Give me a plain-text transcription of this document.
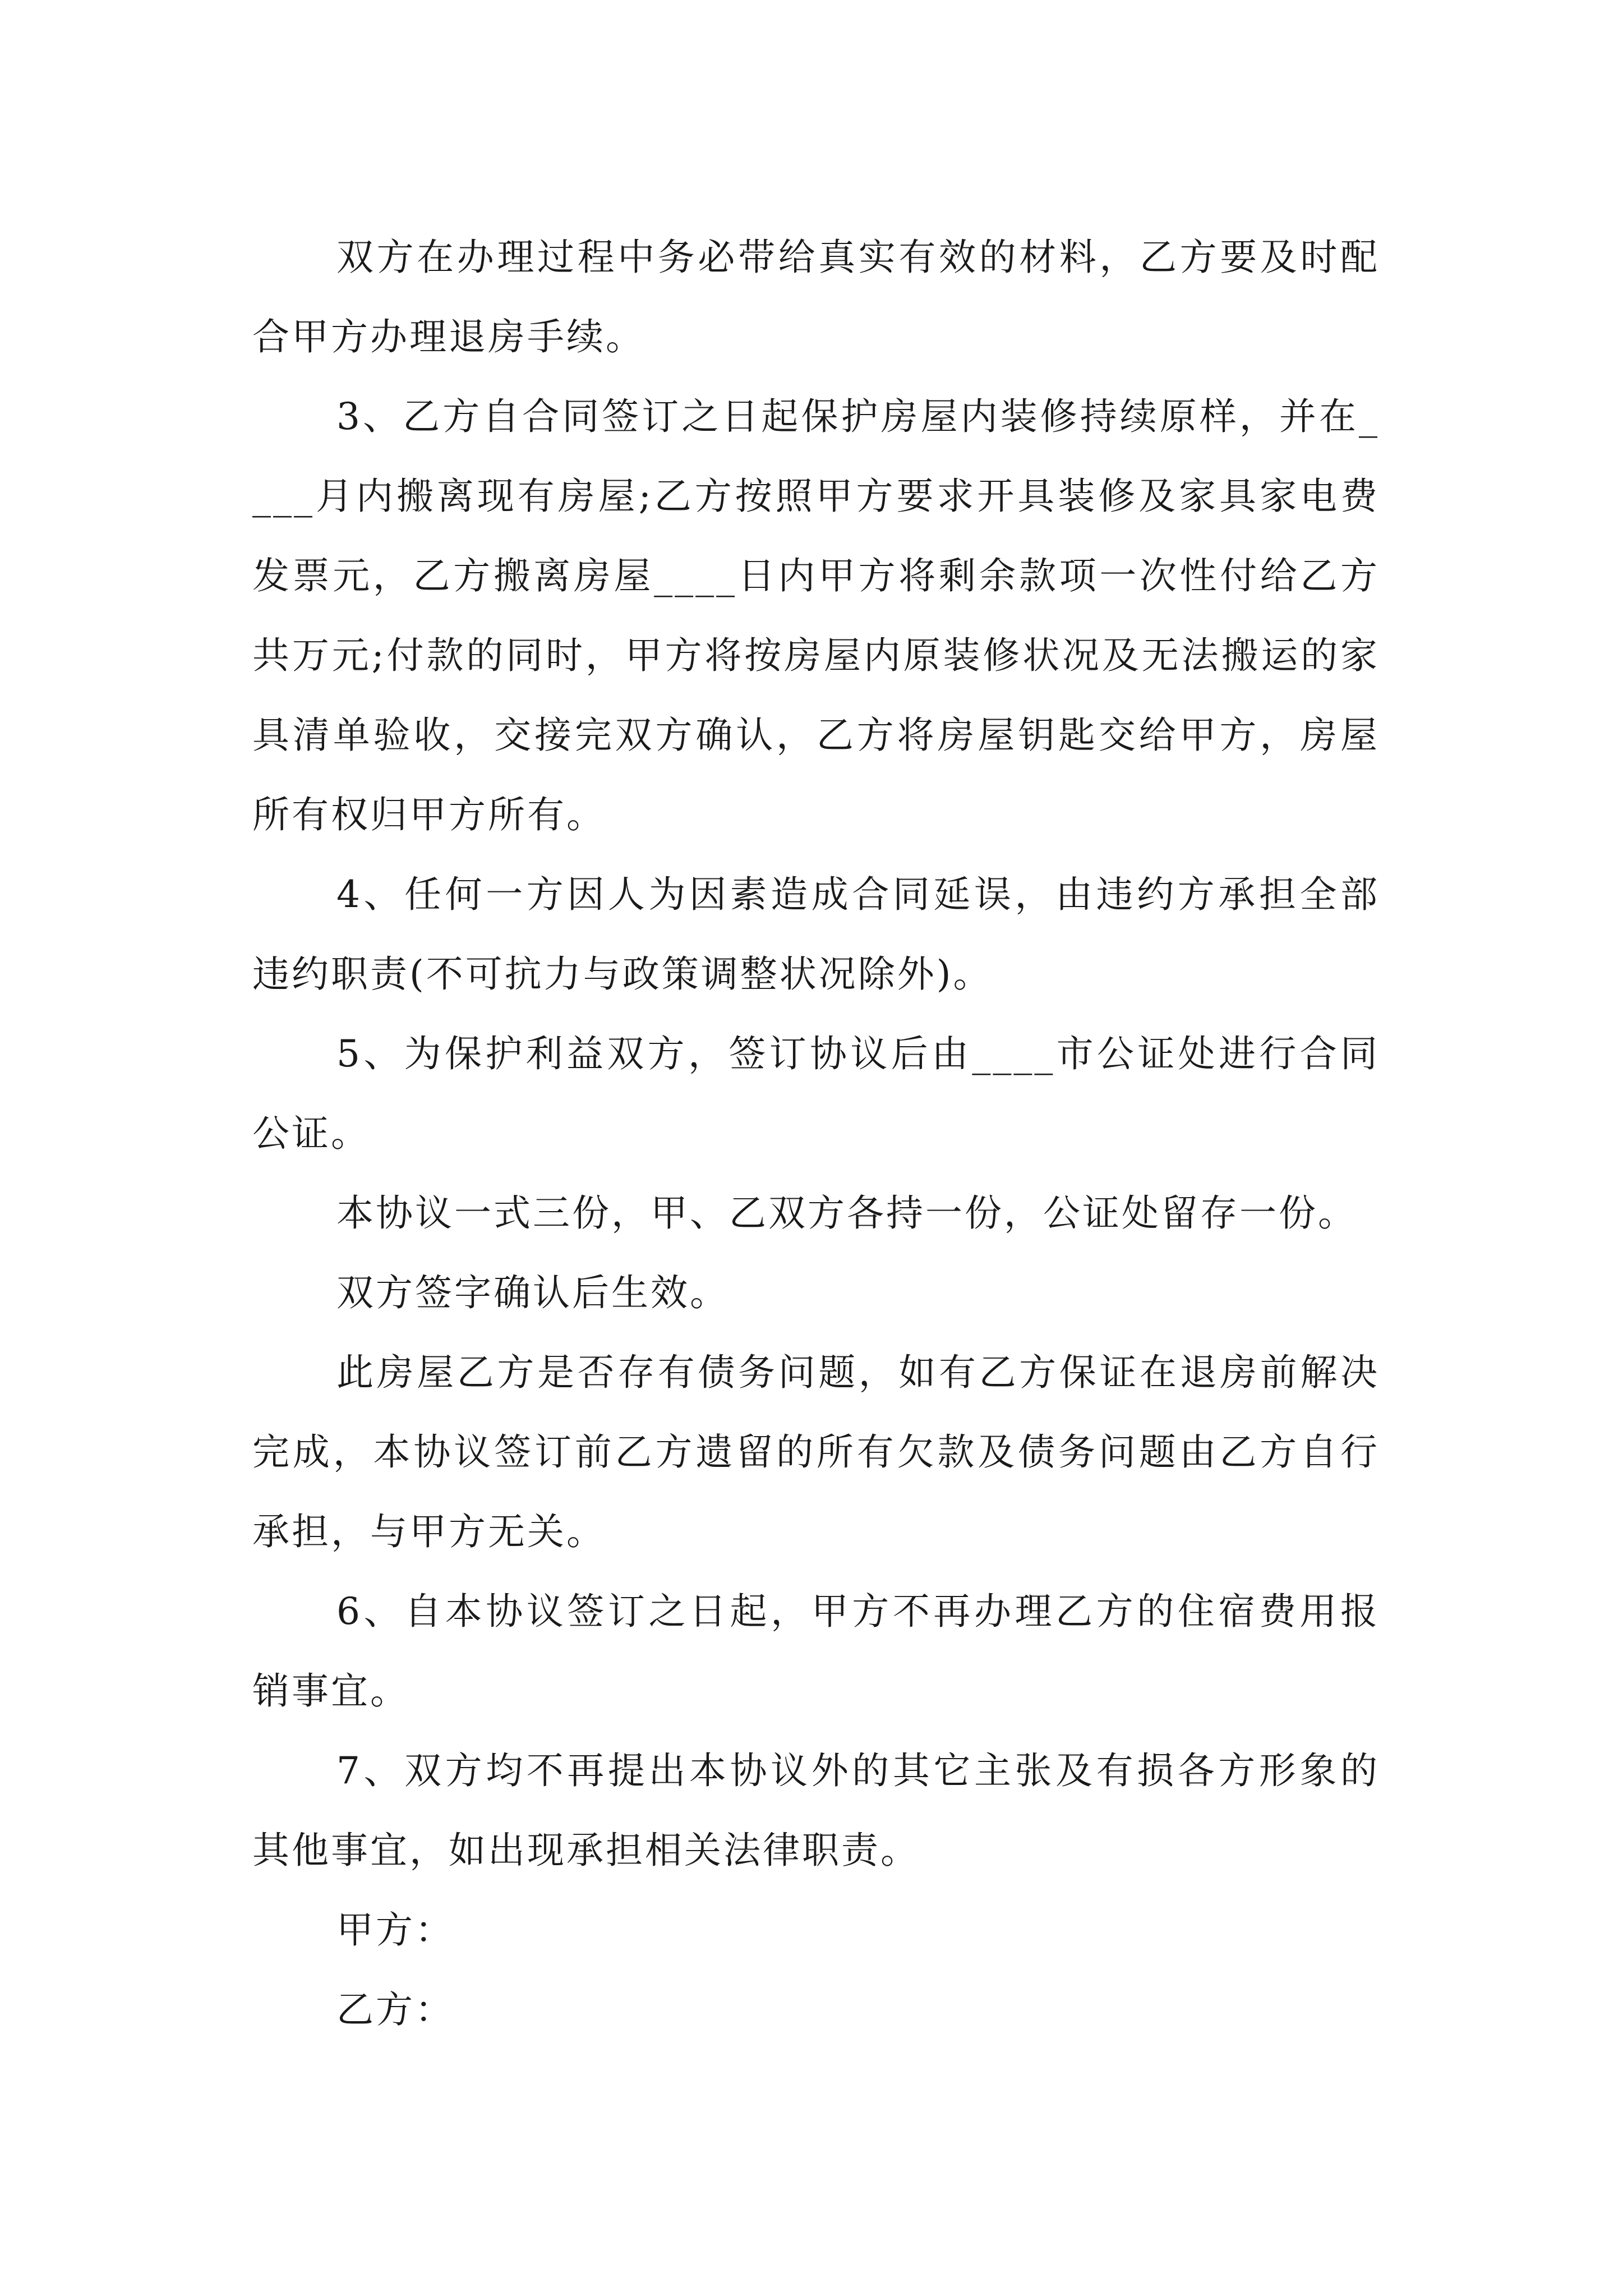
双方在办理过程中务必带给真实有效的材料，乙方要及时配合甲方办理退房手续。

3、乙方自合同签订之日起保护房屋内装修持续原样，并在____月内搬离现有房屋;乙方按照甲方要求开具装修及家具家电费发票元，乙方搬离房屋____日内甲方将剩余款项一次性付给乙方共万元;付款的同时，甲方将按房屋内原装修状况及无法搬运的家具清单验收，交接完双方确认，乙方将房屋钥匙交给甲方，房屋所有权归甲方所有。

4、任何一方因人为因素造成合同延误，由违约方承担全部违约职责(不可抗力与政策调整状况除外)。

5、为保护利益双方，签订协议后由____市公证处进行合同公证。

本协议一式三份，甲、乙双方各持一份，公证处留存一份。

双方签字确认后生效。

此房屋乙方是否存有债务问题，如有乙方保证在退房前解决完成，本协议签订前乙方遗留的所有欠款及债务问题由乙方自行承担，与甲方无关。

6、自本协议签订之日起，甲方不再办理乙方的住宿费用报销事宜。

7、双方均不再提出本协议外的其它主张及有损各方形象的其他事宜，如出现承担相关法律职责。

甲方：

乙方：
